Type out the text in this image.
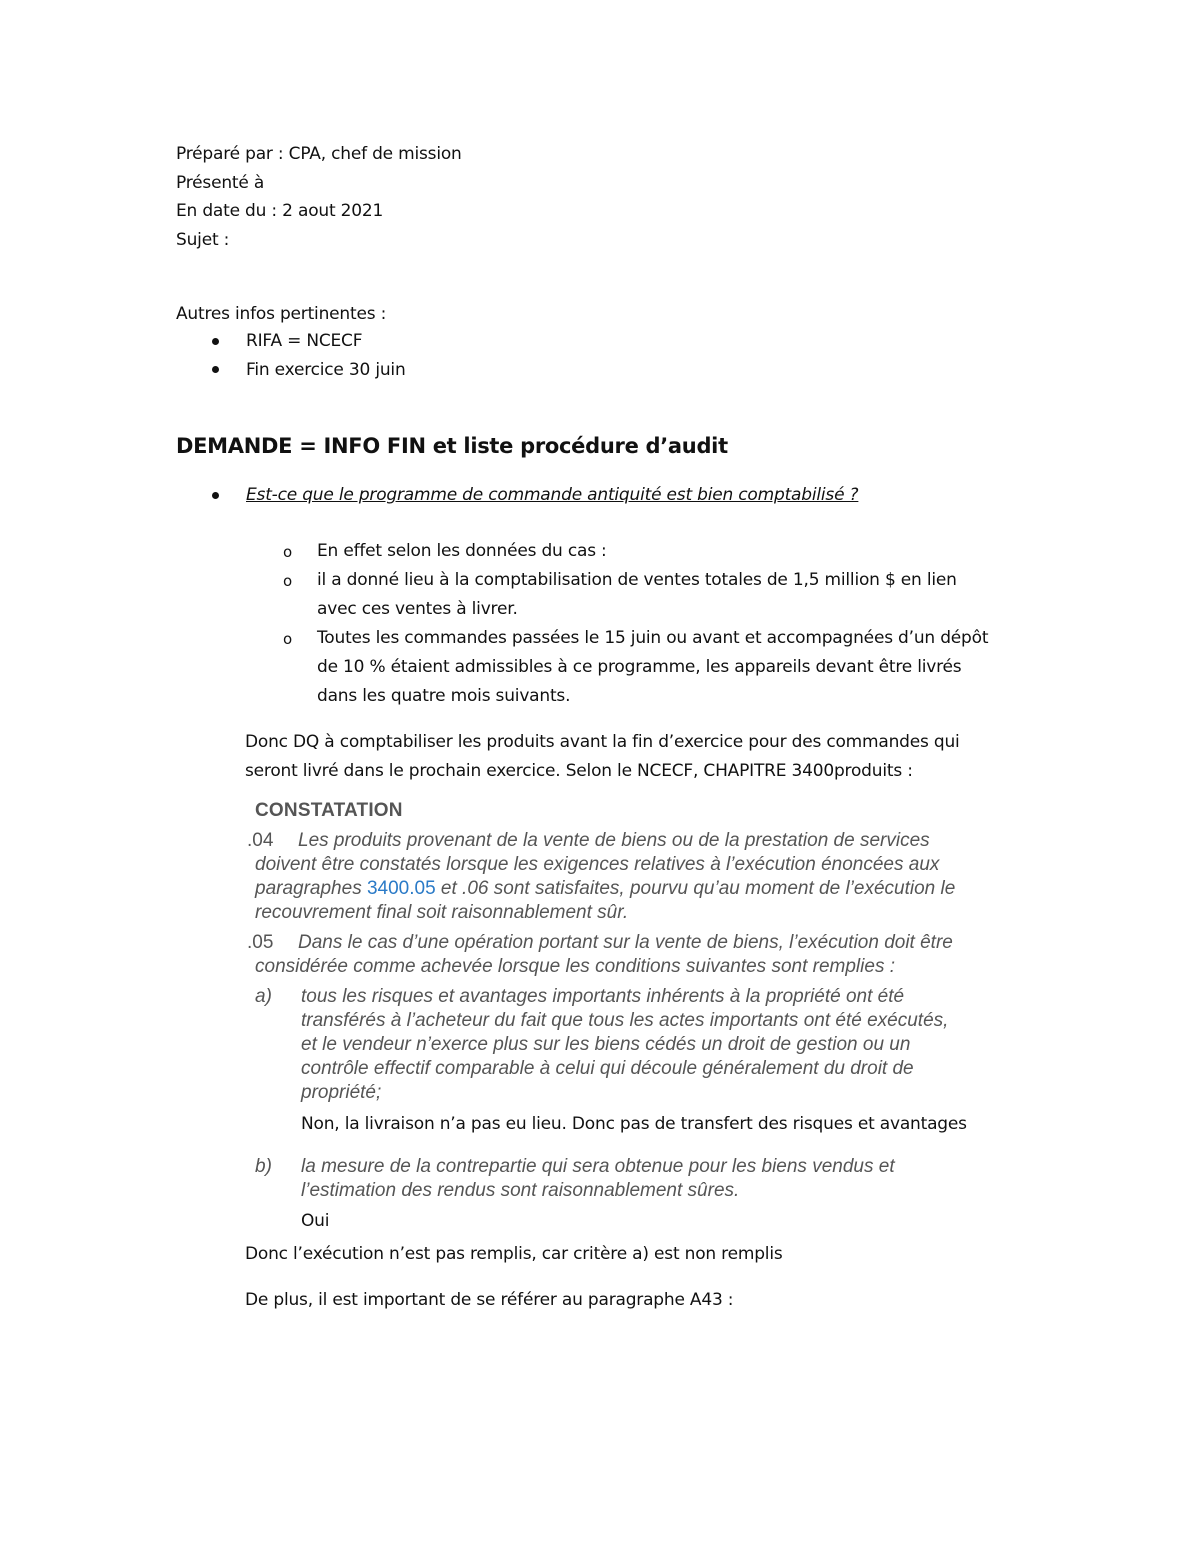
Préparé par : CPA, chef de mission
Présenté à
En date du : 2 aout 2021
Sujet :
Autres infos pertinentes :
RIFA = NCECF
Fin exercice 30 juin
DEMANDE = INFO FIN et liste procédure d’audit
Est-ce que le programme de commande antiquité est bien comptabilisé ?
o En effet selon les données du cas :
o il a donné lieu à la comptabilisation de ventes totales de 1,5 million $ en lien
avec ces ventes à livrer.
o Toutes les commandes passées le 15 juin ou avant et accompagnées d’un dépôt
de 10 % étaient admissibles à ce programme, les appareils devant être livrés
dans les quatre mois suivants.
Donc DQ à comptabiliser les produits avant la fin d’exercice pour des commandes qui
seront livré dans le prochain exercice. Selon le NCECF, CHAPITRE 3400produits :
CONSTATATION
.04 Les produits provenant de la vente de biens ou de la prestation de services
doivent être constatés lorsque les exigences relatives à l’exécution énoncées aux
paragraphes 3400.05 et .06 sont satisfaites, pourvu qu’au moment de l’exécution le
recouvrement final soit raisonnablement sûr.
.05 Dans le cas d’une opération portant sur la vente de biens, l’exécution doit être
considérée comme achevée lorsque les conditions suivantes sont remplies :
a) tous les risques et avantages importants inhérents à la propriété ont été
transférés à l’acheteur du fait que tous les actes importants ont été exécutés,
et le vendeur n’exerce plus sur les biens cédés un droit de gestion ou un
contrôle effectif comparable à celui qui découle généralement du droit de
propriété;
Non, la livraison n’a pas eu lieu. Donc pas de transfert des risques et avantages
b) la mesure de la contrepartie qui sera obtenue pour les biens vendus et
l’estimation des rendus sont raisonnablement sûres.
Oui
Donc l’exécution n’est pas remplis, car critère a) est non remplis
De plus, il est important de se référer au paragraphe A43 :
